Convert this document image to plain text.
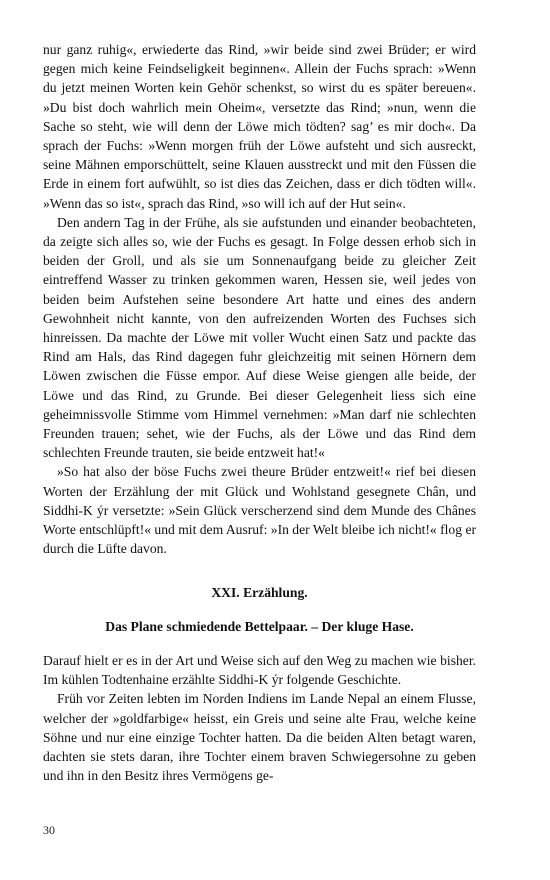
nur ganz ruhig«, erwiederte das Rind, »wir beide sind zwei Brüder; er wird gegen mich keine Feindseligkeit beginnen«. Allein der Fuchs sprach: »Wenn du jetzt meinen Worten kein Gehör schenkst, so wirst du es später bereuen«. »Du bist doch wahrlich mein Oheim«, versetzte das Rind; »nun, wenn die Sache so steht, wie will denn der Löwe mich tödten? sag’ es mir doch«. Da sprach der Fuchs: »Wenn morgen früh der Löwe aufsteht und sich ausreckt, seine Mähnen emporschüttelt, seine Klauen ausstreckt und mit den Füssen die Erde in einem fort aufwühlt, so ist dies das Zeichen, dass er dich tödten will«. »Wenn das so ist«, sprach das Rind, »so will ich auf der Hut sein«.

Den andern Tag in der Frühe, als sie aufstunden und einander beobachteten, da zeigte sich alles so, wie der Fuchs es gesagt. In Folge dessen erhob sich in beiden der Groll, und als sie um Sonnenaufgang beide zu gleicher Zeit eintreffend Wasser zu trinken gekommen waren, Hessen sie, weil jedes von beiden beim Aufstehen seine besondere Art hatte und eines des andern Gewohnheit nicht kannte, von den aufreizenden Worten des Fuchses sich hinreissen. Da machte der Löwe mit voller Wucht einen Satz und packte das Rind am Hals, das Rind dagegen fuhr gleichzeitig mit seinen Hörnern dem Löwen zwischen die Füsse empor. Auf diese Weise giengen alle beide, der Löwe und das Rind, zu Grunde. Bei dieser Gelegenheit liess sich eine geheimnissvolle Stimme vom Himmel vernehmen: »Man darf nie schlechten Freunden trauen; sehet, wie der Fuchs, als der Löwe und das Rind dem schlechten Freunde trauten, sie beide entzweit hat!«

»So hat also der böse Fuchs zwei theure Brüder entzweit!« rief bei diesen Worten der Erzählung der mit Glück und Wohlstand gesegnete Chân, und Siddhi-K ýr versetzte: »Sein Glück verscherzend sind dem Munde des Chânes Worte entschlüpft!« und mit dem Ausruf: »In der Welt bleibe ich nicht!« flog er durch die Lüfte davon.

XXI. Erzählung.

Das Plane schmiedende Bettelpaar. – Der kluge Hase.

Darauf hielt er es in der Art und Weise sich auf den Weg zu machen wie bisher. Im kühlen Todtenhaine erzählte Siddhi-K ýr folgende Geschichte.

Früh vor Zeiten lebten im Norden Indiens im Lande Nepal an einem Flusse, welcher der »goldfarbige« heisst, ein Greis und seine alte Frau, welche keine Söhne und nur eine einzige Tochter hatten. Da die beiden Alten betagt waren, dachten sie stets daran, ihre Tochter einem braven Schwiegersohne zu geben und ihn in den Besitz ihres Vermögens ge-

30
